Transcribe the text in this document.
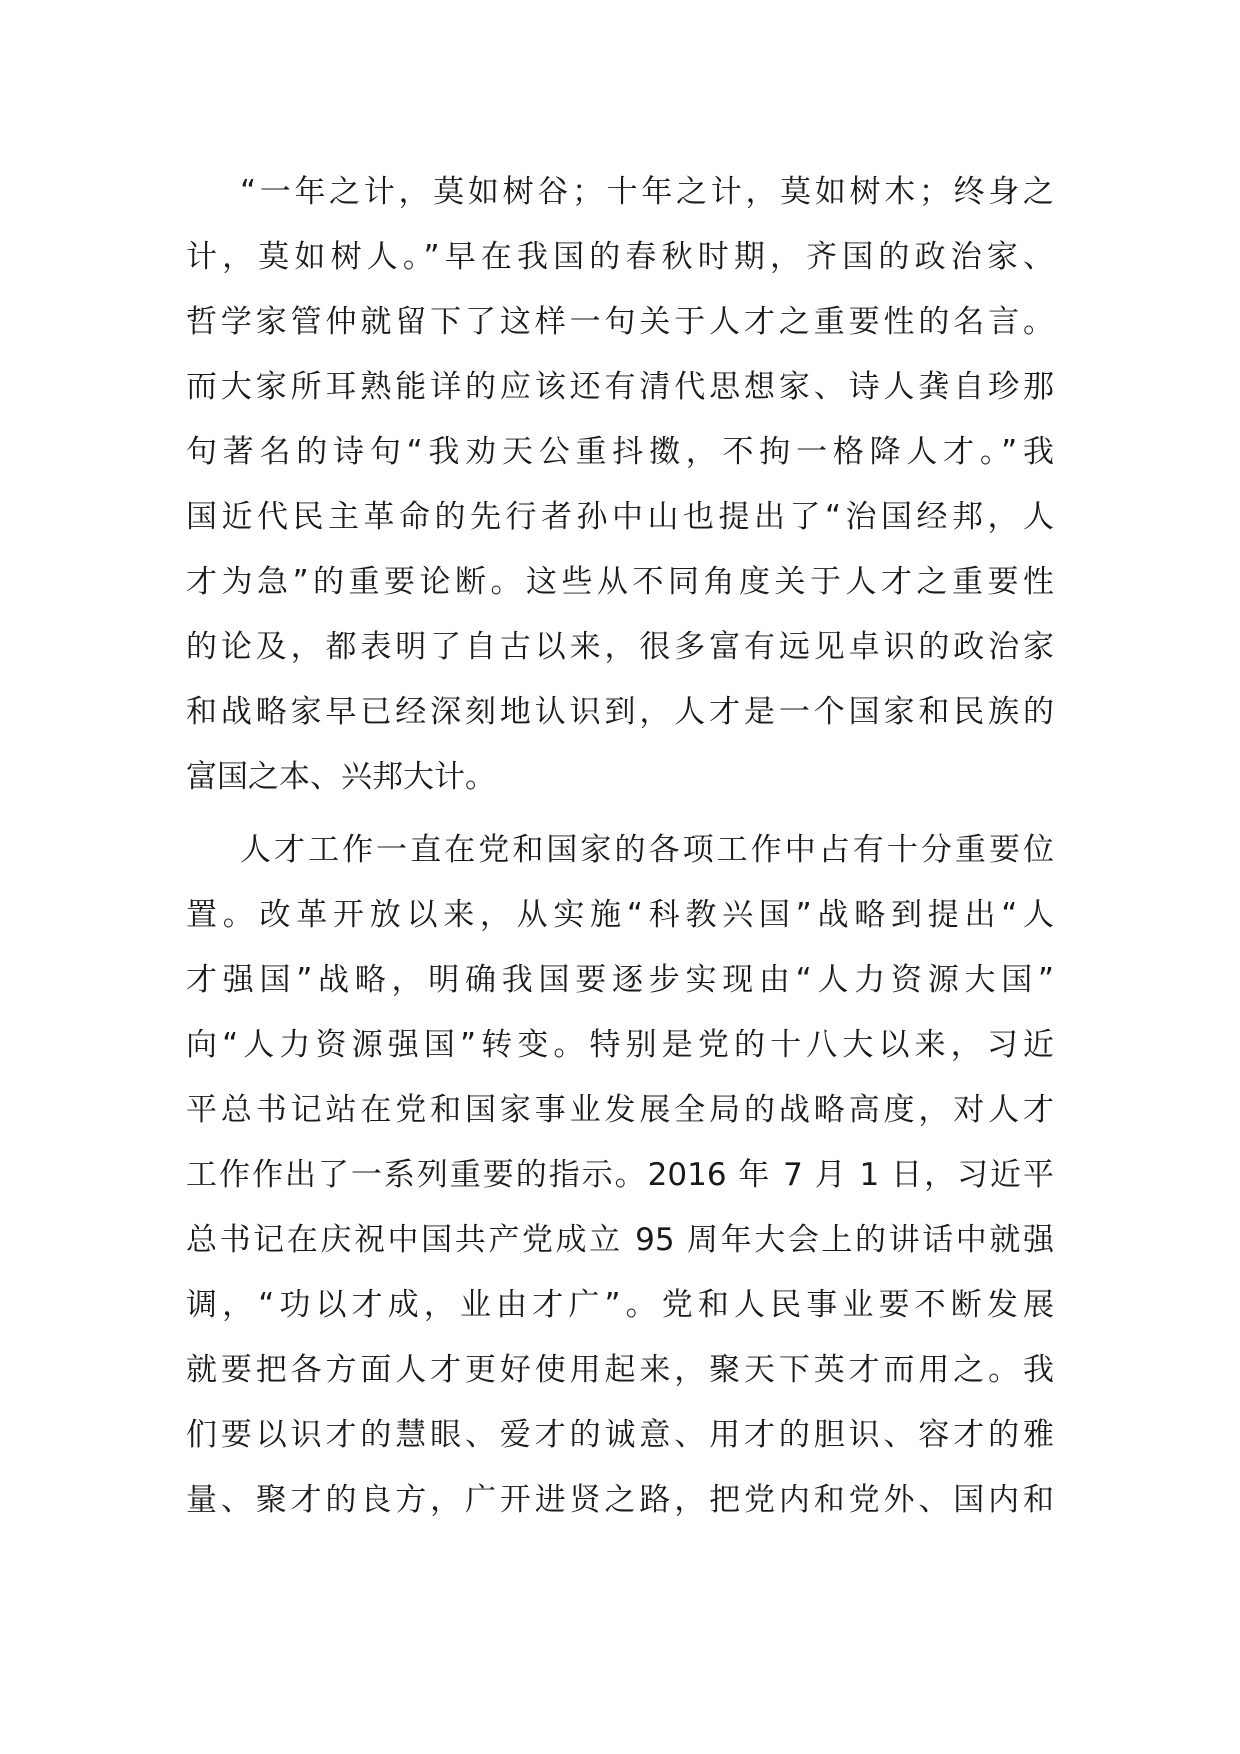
“一年之计，莫如树谷；十年之计，莫如树木；终身之
计，莫如树人。”早在我国的春秋时期，齐国的政治家、
哲学家管仲就留下了这样一句关于人才之重要性的名言。
而大家所耳熟能详的应该还有清代思想家、诗人龚自珍那
句著名的诗句“我劝天公重抖擞，不拘一格降人才。”我
国近代民主革命的先行者孙中山也提出了“治国经邦，人
才为急”的重要论断。这些从不同角度关于人才之重要性
的论及，都表明了自古以来，很多富有远见卓识的政治家
和战略家早已经深刻地认识到，人才是一个国家和民族的
富国之本、兴邦大计。
人才工作一直在党和国家的各项工作中占有十分重要位
置。改革开放以来，从实施“科教兴国”战略到提出“人
才强国”战略，明确我国要逐步实现由“人力资源大国”
向“人力资源强国”转变。特别是党的十八大以来，习近
平总书记站在党和国家事业发展全局的战略高度，对人才
工作作出了一系列重要的指示。2016 年 7 月 1 日，习近平
总书记在庆祝中国共产党成立 95 周年大会上的讲话中就强
调，“功以才成，业由才广”。党和人民事业要不断发展
就要把各方面人才更好使用起来，聚天下英才而用之。我
们要以识才的慧眼、爱才的诚意、用才的胆识、容才的雅
量、聚才的良方，广开进贤之路，把党内和党外、国内和
